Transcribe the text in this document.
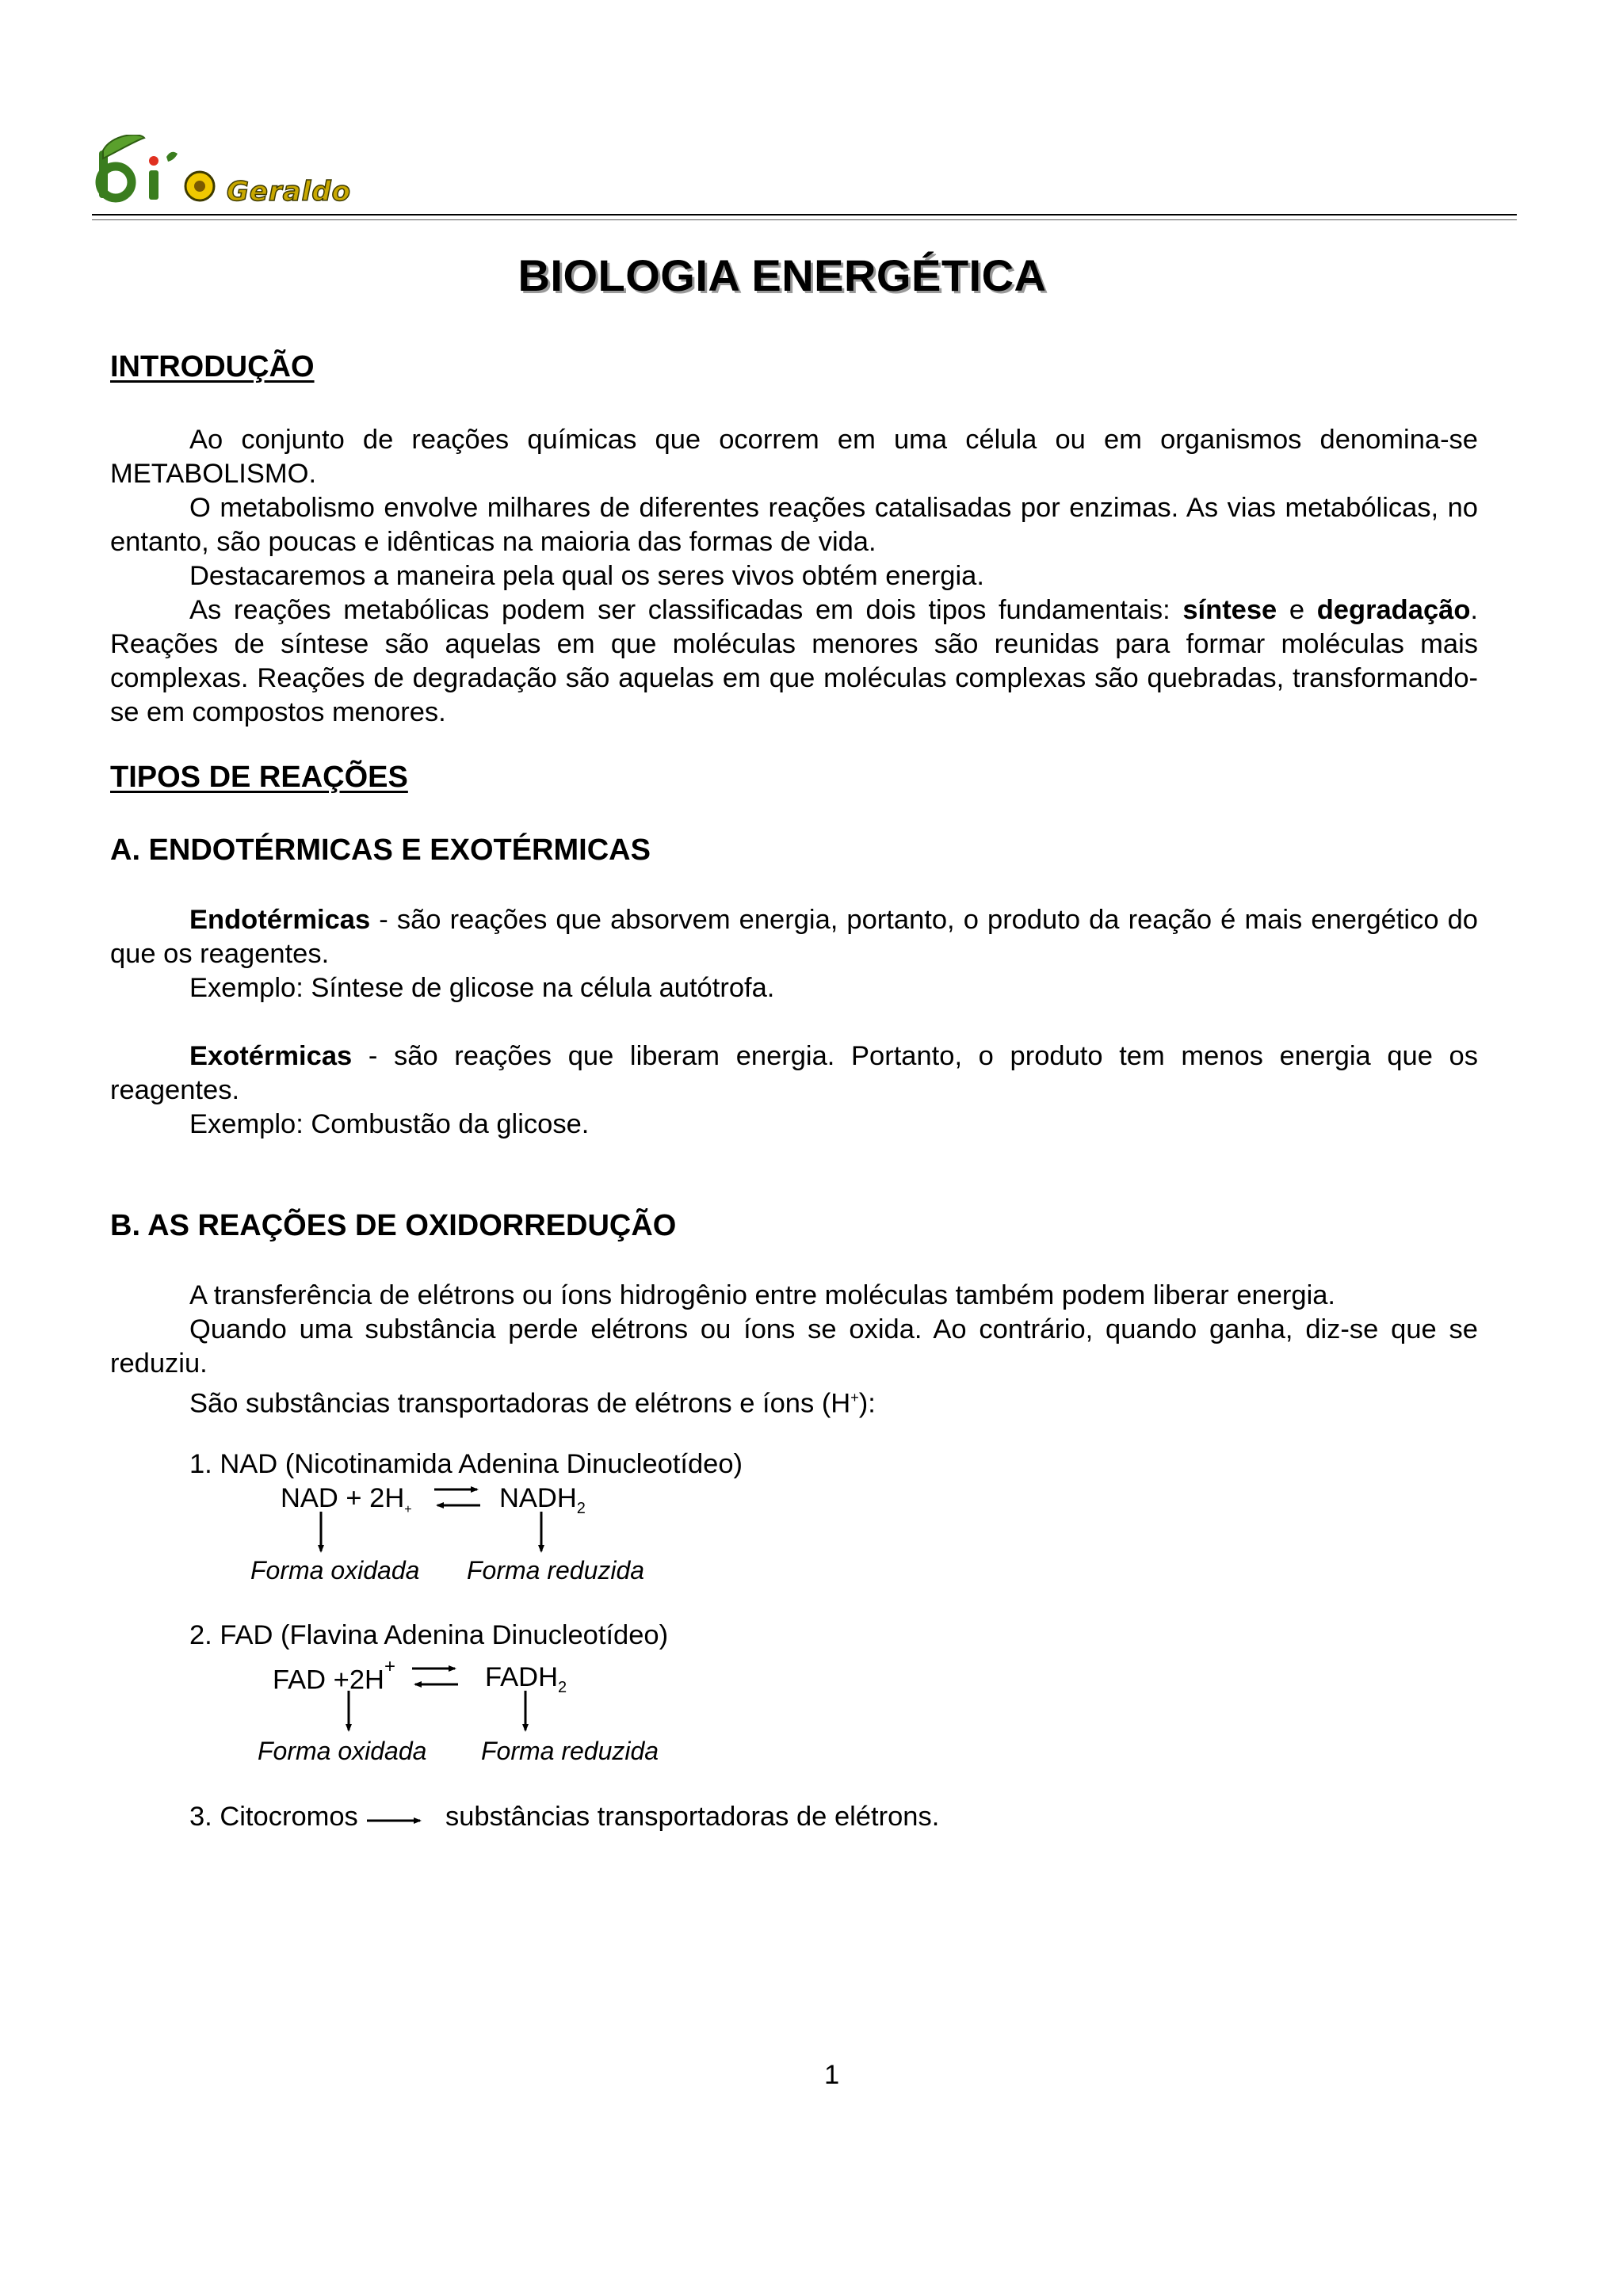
Geraldo
BIOLOGIA ENERGÉTICA
INTRODUÇÃO
Ao conjunto de reações químicas que ocorrem em uma célula ou em organismos denomina-se METABOLISMO.
O metabolismo envolve milhares de diferentes reações catalisadas por enzimas. As vias metabólicas, no entanto, são poucas e idênticas na maioria das formas de vida.
Destacaremos a maneira pela qual os seres vivos obtém energia.
As reações metabólicas podem ser classificadas em dois tipos fundamentais: síntese e degradação. Reações de síntese são aquelas em que moléculas menores são reunidas para formar moléculas mais complexas. Reações de degradação são aquelas em que moléculas complexas são quebradas, transformando-se em compostos menores.
TIPOS DE REAÇÕES
A. ENDOTÉRMICAS E EXOTÉRMICAS
Endotérmicas - são reações que absorvem energia, portanto, o produto da reação é mais energético do que os reagentes.
Exemplo: Síntese de glicose na célula autótrofa.
Exotérmicas - são reações que liberam energia. Portanto, o produto tem menos energia que os reagentes.
Exemplo: Combustão da glicose.
B. AS REAÇÕES DE OXIDORREDUÇÃO
A transferência de elétrons ou íons hidrogênio entre moléculas também podem liberar energia.
Quando uma substância perde elétrons ou íons se oxida. Ao contrário, quando ganha, diz-se que se reduziu.
São substâncias transportadoras de elétrons e íons (H+):
1. NAD (Nicotinamida Adenina Dinucleotídeo)
NAD + $2H_+$	$NADH_2$
Forma oxidada Forma reduzida
2. FAD (Flavina Adenina Dinucleotídeo)
FAD +2H+	$FADH_2$
Forma oxidada Forma reduzida
3. Citocromos	substâncias transportadoras de elétrons.
1
